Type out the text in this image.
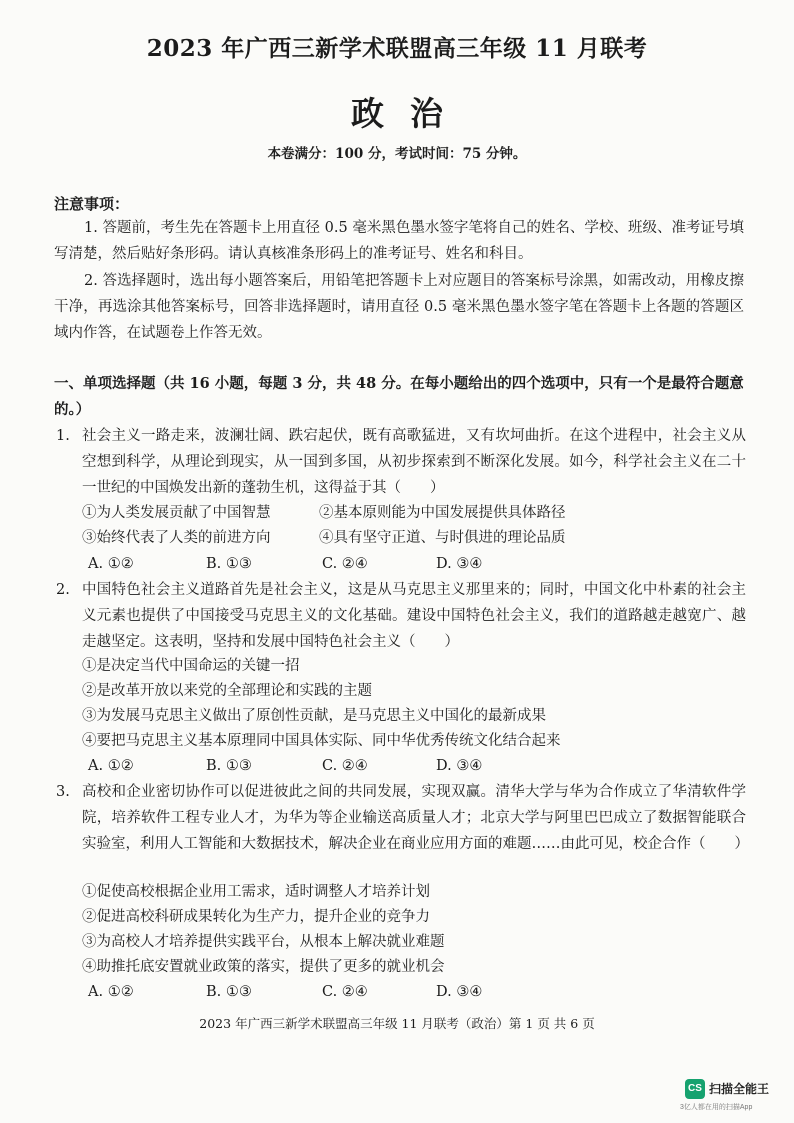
2023 年广西三新学术联盟高三年级 11 月联考
政治
本卷满分：100 分，考试时间：75 分钟。
注意事项：
1. 答题前，考生先在答题卡上用直径 0.5 毫米黑色墨水签字笔将自己的姓名、学校、班级、准考证号填写清楚，然后贴好条形码。请认真核准条形码上的准考证号、姓名和科目。
2. 答选择题时，选出每小题答案后，用铅笔把答题卡上对应题目的答案标号涂黑，如需改动，用橡皮擦干净，再选涂其他答案标号，回答非选择题时，请用直径 0.5 毫米黑色墨水签字笔在答题卡上各题的答题区域内作答，在试题卷上作答无效。
一、单项选择题（共 16 小题，每题 3 分，共 48 分。在每小题给出的四个选项中，只有一个是最符合题意的。）
1. 社会主义一路走来，波澜壮阔、跌宕起伏，既有高歌猛进，又有坎坷曲折。在这个进程中，社会主义从空想到科学，从理论到现实，从一国到多国，从初步探索到不断深化发展。如今，科学社会主义在二十一世纪的中国焕发出新的蓬勃生机，这得益于其（　　）
①为人类发展贡献了中国智慧	②基本原则能为中国发展提供具体路径
③始终代表了人类的前进方向	④具有坚守正道、与时俱进的理论品质
A. ①②	B. ①③	C. ②④	D. ③④
2. 中国特色社会主义道路首先是社会主义，这是从马克思主义那里来的；同时，中国文化中朴素的社会主义元素也提供了中国接受马克思主义的文化基础。建设中国特色社会主义，我们的道路越走越宽广、越走越坚定。这表明，坚持和发展中国特色社会主义（　　）
①是决定当代中国命运的关键一招
②是改革开放以来党的全部理论和实践的主题
③为发展马克思主义做出了原创性贡献，是马克思主义中国化的最新成果
④要把马克思主义基本原理同中国具体实际、同中华优秀传统文化结合起来
A. ①②	B. ①③	C. ②④	D. ③④
3. 高校和企业密切协作可以促进彼此之间的共同发展，实现双赢。清华大学与华为合作成立了华清软件学院，培养软件工程专业人才，为华为等企业输送高质量人才；北京大学与阿里巴巴成立了数据智能联合实验室，利用人工智能和大数据技术，解决企业在商业应用方面的难题……由此可见，校企合作（　　）
①促使高校根据企业用工需求，适时调整人才培养计划
②促进高校科研成果转化为生产力，提升企业的竞争力
③为高校人才培养提供实践平台，从根本上解决就业难题
④助推托底安置就业政策的落实，提供了更多的就业机会
A. ①②	B. ①③	C. ②④	D. ③④
2023 年广西三新学术联盟高三年级 11 月联考（政治）第 1 页 共 6 页
CS 扫描全能王
3亿人都在用的扫描App
